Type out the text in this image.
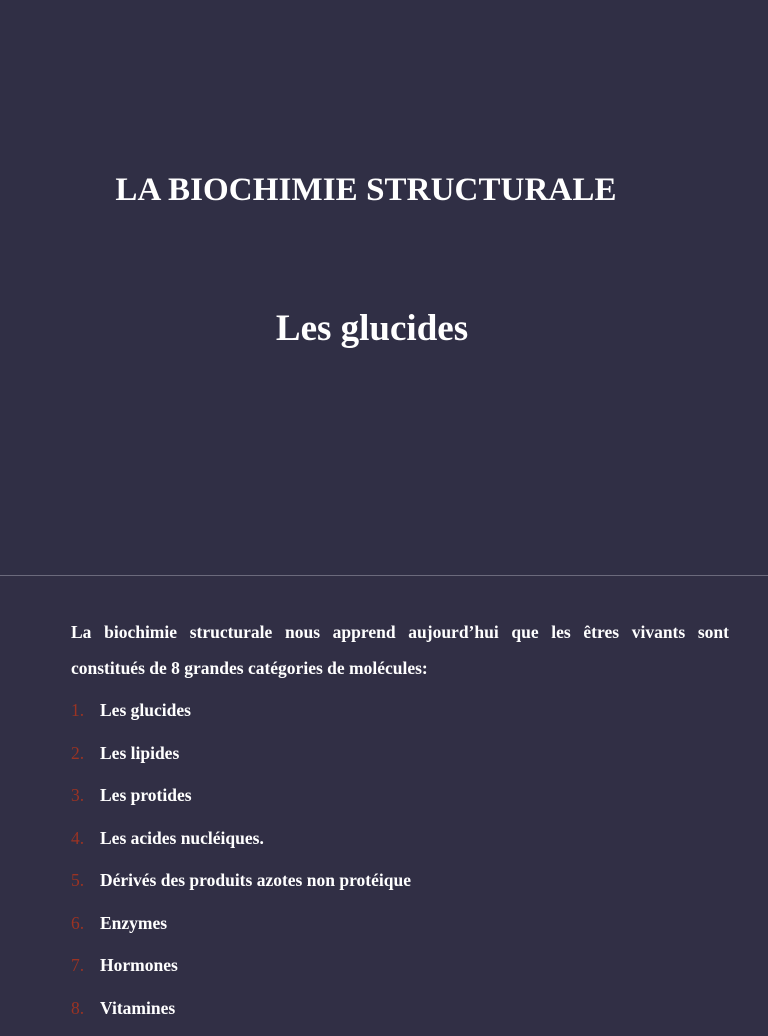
LA BIOCHIMIE STRUCTURALE
Les glucides
La biochimie structurale nous apprend aujourd’hui que les êtres vivants sont
constitués de 8 grandes catégories de molécules:
1. Les glucides
2. Les lipides
3. Les protides
4. Les acides nucléiques.
5. Dérivés des produits azotes non protéique
6. Enzymes
7. Hormones
8. Vitamines
